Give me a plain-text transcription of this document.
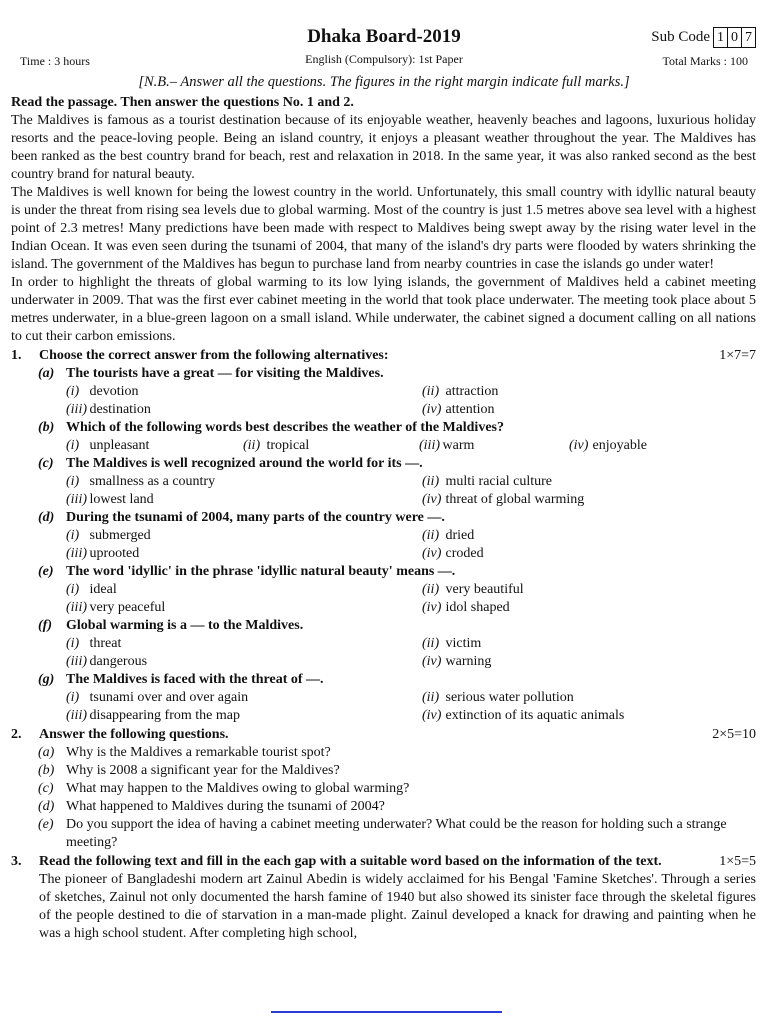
Dhaka Board-2019	Sub Code 1 0 7
Time : 3 hours	English (Compulsory): 1st Paper	Total Marks : 100
[N.B.– Answer all the questions. The figures in the right margin indicate full marks.]
Read the passage. Then answer the questions No. 1 and 2.

The Maldives is famous as a tourist destination because of its enjoyable weather, heavenly beaches and lagoons, luxurious holiday resorts and the peace-loving people. Being an island country, it enjoys a pleasant weather throughout the year. The Maldives has been ranked as the best country brand for beach, rest and relaxation in 2018. In the same year, it was also ranked second as the best country brand for natural beauty.

The Maldives is well known for being the lowest country in the world. Unfortunately, this small country with idyllic natural beauty is under the threat from rising sea levels due to global warming. Most of the country is just 1.5 metres above sea level with a highest point of 2.3 metres! Many predictions have been made with respect to Maldives being swept away by the rising water level in the Indian Ocean. It was even seen during the tsunami of 2004, that many of the island's dry parts were flooded by waters shrinking the island. The government of the Maldives has begun to purchase land from nearby countries in case the islands go under water!

In order to highlight the threats of global warming to its low lying islands, the government of Maldives held a cabinet meeting underwater in 2009. That was the first ever cabinet meeting in the world that took place underwater. The meeting took place about 5 metres underwater, in a blue-green lagoon on a small island. While underwater, the cabinet signed a document calling on all nations to cut their carbon emissions.

1.	Choose the correct answer from the following alternatives:	1×7=7
(a) The tourists have a great — for visiting the Maldives.
(i) devotion	(ii) attraction
(iii) destination	(iv) attention
(b) Which of the following words best describes the weather of the Maldives?
(i) unpleasant	(ii) tropical	(iii) warm	(iv) enjoyable
(c) The Maldives is well recognized around the world for its —.
(i) smallness as a country	(ii) multi racial culture
(iii) lowest land	(iv) threat of global warming
(d) During the tsunami of 2004, many parts of the country were —.
(i) submerged	(ii) dried
(iii) uprooted	(iv) croded
(e) The word 'idyllic' in the phrase 'idyllic natural beauty' means —.
(i) ideal	(ii) very beautiful
(iii) very peaceful	(iv) idol shaped
(f)	Global warming is a — to the Maldives.
(i) threat	(ii) victim
(iii) dangerous	(iv) warning
(g) The Maldives is faced with the threat of —.
(i) tsunami over and over again	(ii) serious water pollution
(iii) disappearing from the map	(iv) extinction of its aquatic animals
2.	Answer the following questions.	2×5=10
(a) Why is the Maldives a remarkable tourist spot?
(b) Why is 2008 a significant year for the Maldives?
(c) What may happen to the Maldives owing to global warming?
(d) What happened to Maldives during the tsunami of 2004?
(e) Do you support the idea of having a cabinet meeting underwater? What could be the reason for holding such a strange meeting?
3.	Read the following text and fill in the each gap with a suitable word based on the information of the text.	1×5=5
The pioneer of Bangladeshi modern art Zainul Abedin is widely acclaimed for his Bengal 'Famine Sketches'. Through a series of sketches, Zainul not only documented the harsh famine of 1940 but also showed its sinister face through the skeletal figures of the people destined to die of starvation in a man-made plight. Zainul developed a knack for drawing and painting when he was a high school student. After completing high school,
